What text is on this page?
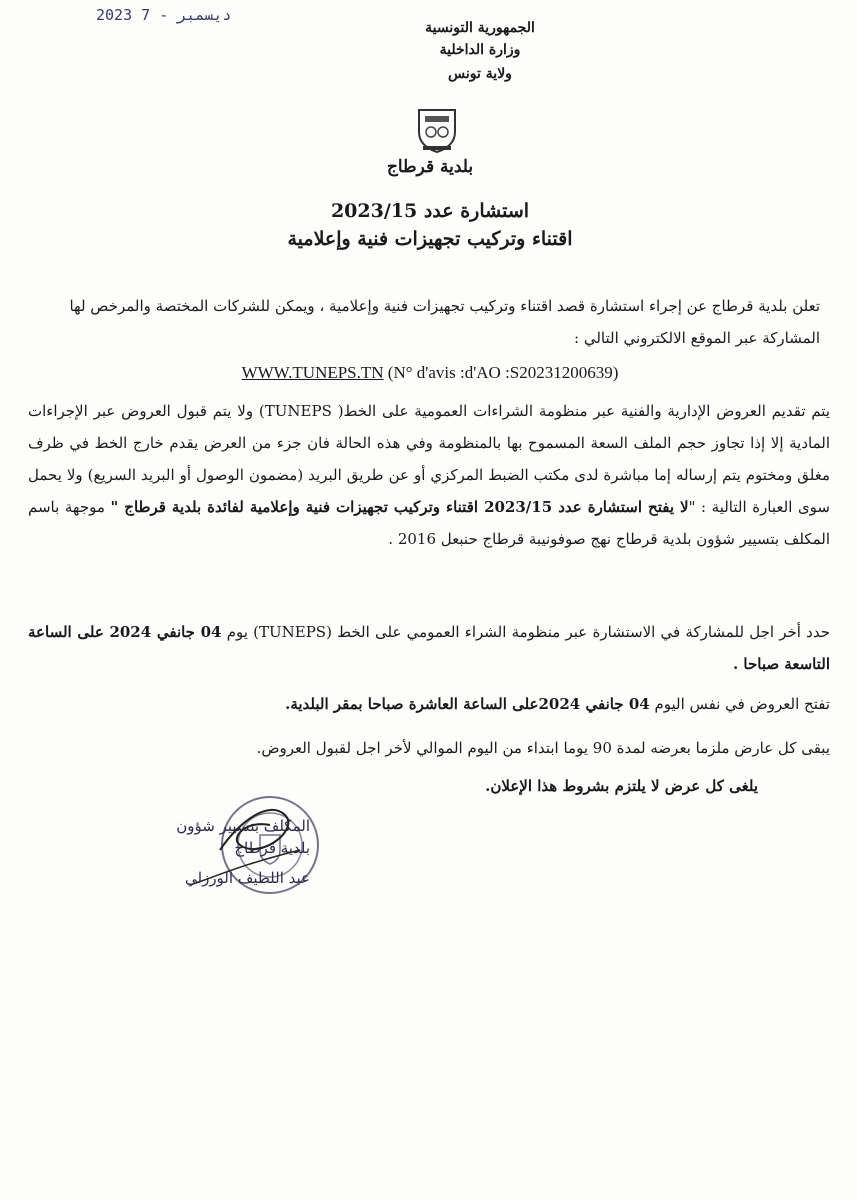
2023 ديسمبر - 7
الجمهورية التونسية
وزارة الداخلية
ولاية تونس
بلدية قرطاج
استشارة عدد 2023/15
اقتناء وتركيب تجهيزات فنية وإعلامية
تعلن بلدية قرطاج عن إجراء استشارة قصد اقتناء وتركيب تجهيزات فنية وإعلامية ، ويمكن للشركات المختصة والمرخص لها المشاركة عبر الموقع الالكتروني التالي :
WWW.TUNEPS.TN (N° d'avis :d'AO :S20231200639)
يتم تقديم العروض الإدارية والفنية عبر منظومة الشراءات العمومية على الخط( TUNEPS) ولا يتم قبول العروض عبر الإجراءات المادية إلا إذا تجاوز حجم الملف السعة المسموح بها بالمنظومة وفي هذه الحالة فان جزء من العرض يقدم خارج الخط في ظرف مغلق ومختوم يتم إرساله إما مباشرة لدى مكتب الضبط المركزي أو عن طريق البريد (مضمون الوصول أو البريد السريع) ولا يحمل سوى العبارة التالية : "لا يفتح استشارة عدد 2023/15 اقتناء وتركيب تجهيزات فنية وإعلامية لفائدة بلدية قرطاج " موجهة باسم المكلف بتسيير شؤون بلدية قرطاج نهج صوفونيبة قرطاج حنبعل 2016 .
حدد أخر اجل للمشاركة في الاستشارة عبر منظومة الشراء العمومي على الخط (TUNEPS) يوم 04 جانفي 2024 على الساعة التاسعة صباحا .
تفتح العروض في نفس اليوم 04 جانفي 2024على الساعة العاشرة صباحا بمقر البلدية.
يبقى كل عارض ملزما بعرضه لمدة 90 يوما ابتداء من اليوم الموالي لأخر اجل لقبول العروض.
يلغى كل عرض لا يلتزم بشروط هذا الإعلان.
المكلف بتسيير شؤون
بلدية قرطاج
عبد اللطيف الورزلي
